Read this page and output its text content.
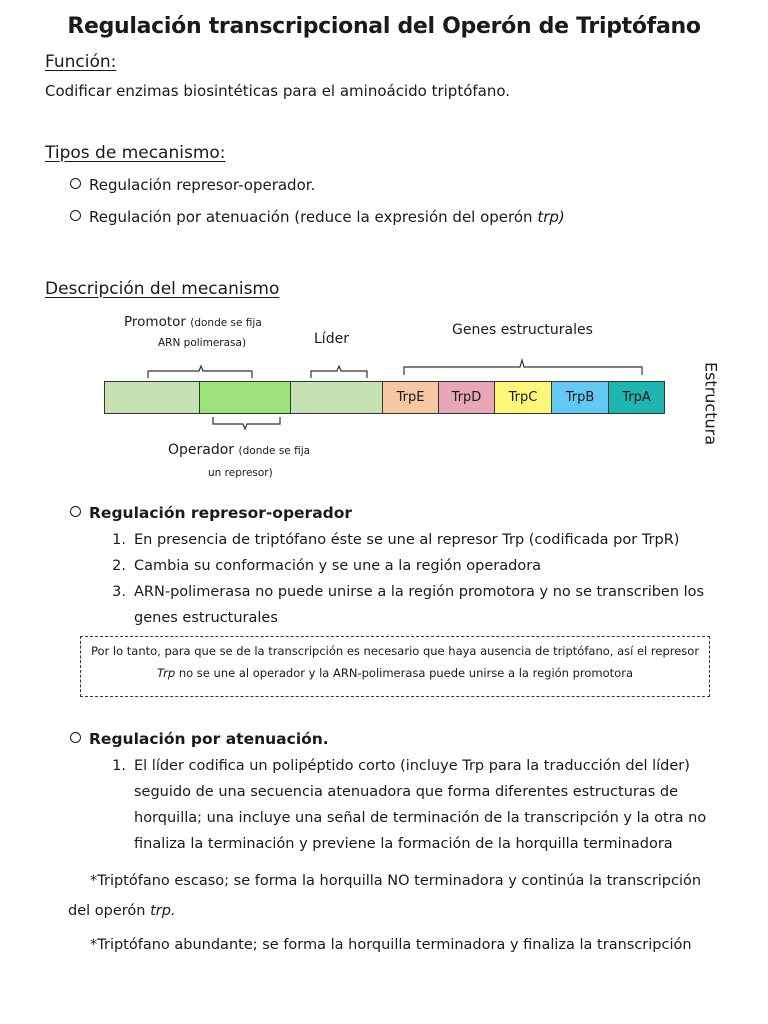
Regulación transcripcional del Operón de Triptófano
Función:
Codificar enzimas biosintéticas para el aminoácido triptófano.
Tipos de mecanismo:
Regulación represor-operador.
Regulación por atenuación (reduce la expresión del operón trp)
Descripción del mecanismo
Promotor (donde se fija
ARN polimerasa)	Líder
Genes estructurales
TrpE	TrpD	TrpC	TrpB	TrpA	Estructura
Operador (donde se fija
un represor)
Regulación represor-operador
1. En presencia de triptófano éste se une al represor Trp (codificada por TrpR)
2. Cambia su conformación y se une a la región operadora
3. ARN-polimerasa no puede unirse a la región promotora y no se transcriben los
genes estructurales
Por lo tanto, para que se de la transcripción es necesario que haya ausencia de triptófano, así el represor
Trp no se une al operador y la ARN-polimerasa puede unirse a la región promotora
Regulación por atenuación.
1. El líder codifica un polipéptido corto (incluye Trp para la traducción del líder)
seguido de una secuencia atenuadora que forma diferentes estructuras de
horquilla; una incluye una señal de terminación de la transcripción y la otra no
finaliza la terminación y previene la formación de la horquilla terminadora
*Triptófano escaso; se forma la horquilla NO terminadora y continúa la transcripción
del operón trp.
*Triptófano abundante; se forma la horquilla terminadora y finaliza la transcripción
